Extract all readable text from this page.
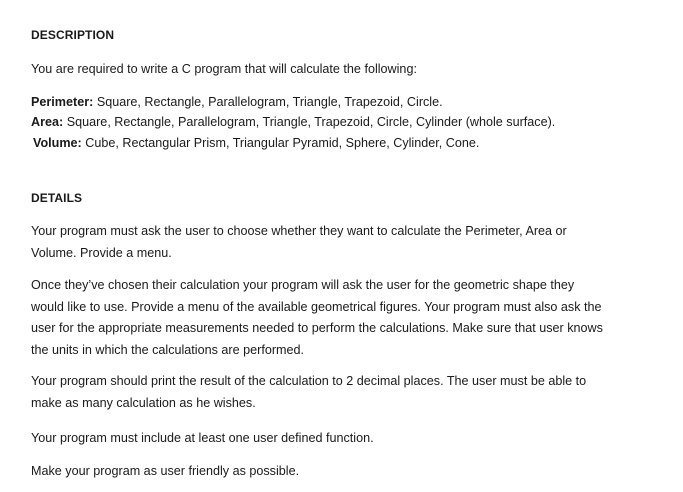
DESCRIPTION
You are required to write a C program that will calculate the following:
Perimeter: Square, Rectangle, Parallelogram, Triangle, Trapezoid, Circle.
Area: Square, Rectangle, Parallelogram, Triangle, Trapezoid, Circle, Cylinder (whole surface).
Volume: Cube, Rectangular Prism, Triangular Pyramid, Sphere, Cylinder, Cone.
DETAILS
Your program must ask the user to choose whether they want to calculate the Perimeter, Area or
Volume. Provide a menu.
Once they’ve chosen their calculation your program will ask the user for the geometric shape they
would like to use. Provide a menu of the available geometrical figures. Your program must also ask the
user for the appropriate measurements needed to perform the calculations. Make sure that user knows
the units in which the calculations are performed.
Your program should print the result of the calculation to 2 decimal places. The user must be able to
make as many calculation as he wishes.
Your program must include at least one user defined function.
Make your program as user friendly as possible.
